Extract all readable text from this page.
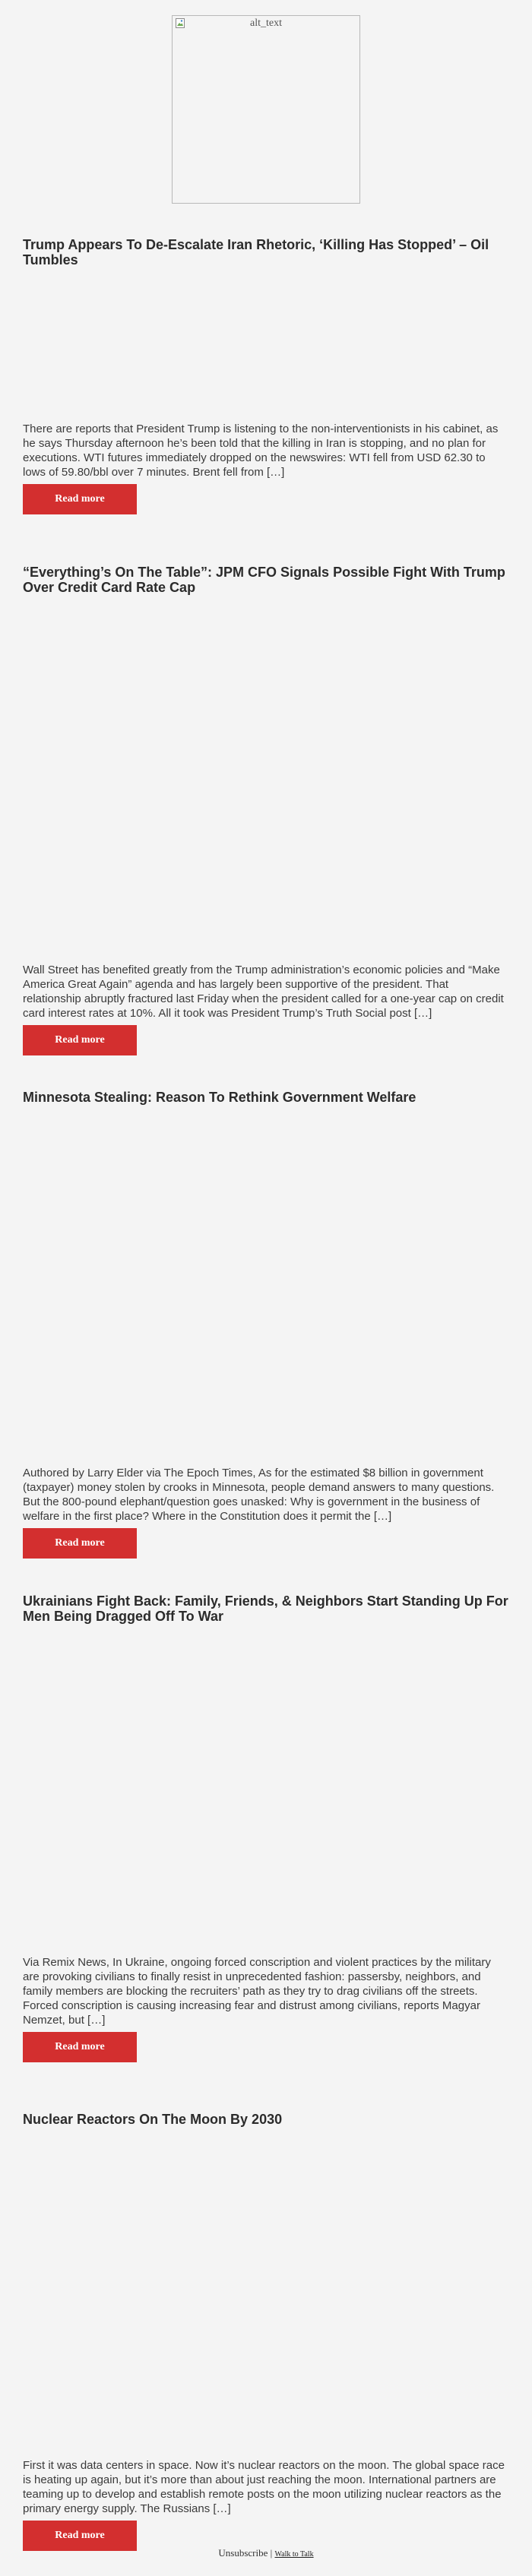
alt_text
Trump Appears To De-Escalate Iran Rhetoric, ‘Killing Has Stopped’ – Oil Tumbles

There are reports that President Trump is listening to the non-interventionists in his cabinet, as he says Thursday afternoon he’s been told that the killing in Iran is stopping, and no plan for executions. WTI futures immediately dropped on the newswires: WTI fell from USD 62.30 to lows of 59.80/bbl over 7 minutes. Brent fell from […]

Read more
“Everything’s On The Table”: JPM CFO Signals Possible Fight With Trump Over Credit Card Rate Cap

Wall Street has benefited greatly from the Trump administration’s economic policies and “Make America Great Again” agenda and has largely been supportive of the president. That relationship abruptly fractured last Friday when the president called for a one-year cap on credit card interest rates at 10%. All it took was President Trump’s Truth Social post […]

Read more
Minnesota Stealing: Reason To Rethink Government Welfare

Authored by Larry Elder via The Epoch Times, As for the estimated $8 billion in government (taxpayer) money stolen by crooks in Minnesota, people demand answers to many questions. But the 800-pound elephant/question goes unasked: Why is government in the business of welfare in the first place? Where in the Constitution does it permit the […]

Read more
Ukrainians Fight Back: Family, Friends, & Neighbors Start Standing Up For Men Being Dragged Off To War

Via Remix News, In Ukraine, ongoing forced conscription and violent practices by the military are provoking civilians to finally resist in unprecedented fashion: passersby, neighbors, and family members are blocking the recruiters’ path as they try to drag civilians off the streets. Forced conscription is causing increasing fear and distrust among civilians, reports Magyar Nemzet, but […]

Read more
Nuclear Reactors On The Moon By 2030

First it was data centers in space. Now it’s nuclear reactors on the moon. The global space race is heating up again, but it’s more than about just reaching the moon. International partners are teaming up to develop and establish remote posts on the moon utilizing nuclear reactors as the primary energy supply. The Russians […]

Read more
Unsubscribe | Walk to Talk
